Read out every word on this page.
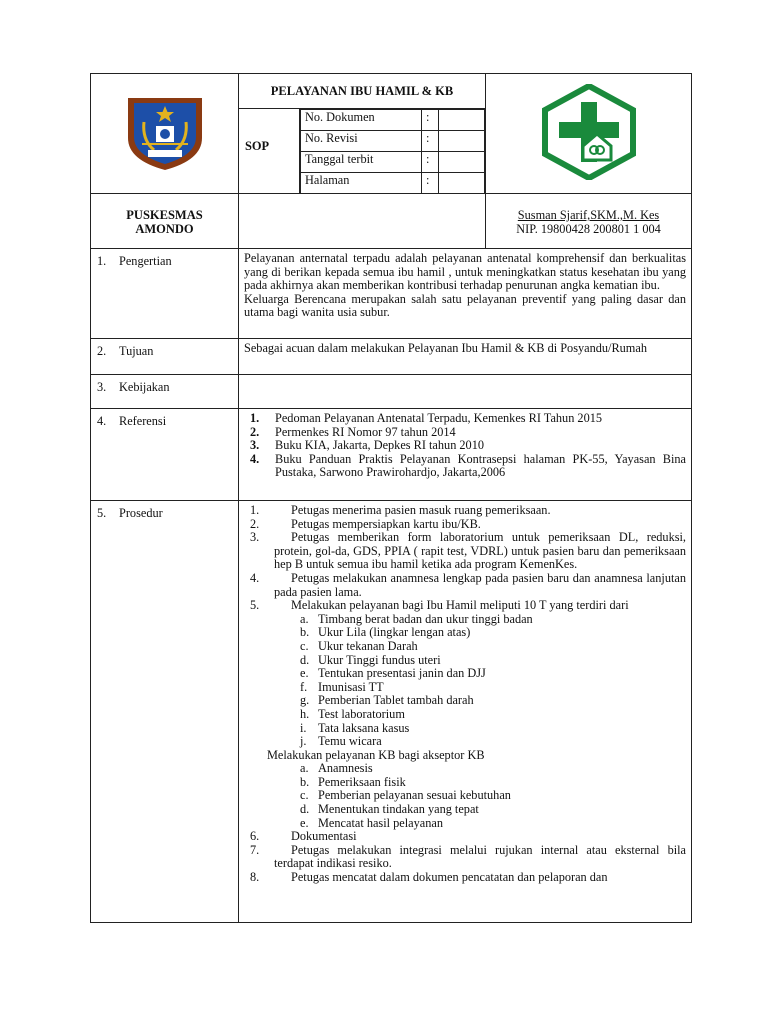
	PELAYANAN IBU HAMIL & KB	
SOP	
No. Dokumen	:	
No. Revisi	:	
Tanggal terbit	:	
Halaman	:	

PUSKESMAS
AMONDO

Susman Sjarif,SKM.,M. Kes
NIP. 19800428 200801 1 004

1. Pengertian	Pelayanan anternatal terpadu adalah pelayanan antenatal komprehensif dan berkualitas yang di berikan kepada semua ibu hamil , untuk meningkatkan status kesehatan ibu yang pada akhirnya akan memberikan kontribusi terhadap penurunan angka kematian ibu.
Keluarga Berencana merupakan salah satu pelayanan preventif yang paling dasar dan utama bagi wanita usia subur.

2. Tujuan	Sebagai acuan dalam melakukan Pelayanan Ibu Hamil & KB di Posyandu/Rumah
3. Kebijakan	
4. Referensi	1. Pedoman Pelayanan Antenatal Terpadu, Kemenkes RI Tahun 2015
2. Permenkes RI Nomor 97 tahun 2014
3. Buku KIA, Jakarta, Depkes RI tahun 2010
4. Buku Panduan Praktis Pelayanan Kontrasepsi halaman PK-55, Yayasan Bina Pustaka, Sarwono Prawirohardjo, Jakarta,2006

5. Prosedur	1.	Petugas menerima pasien masuk ruang pemeriksaan.
2.	Petugas mempersiapkan kartu ibu/KB.
3.	Petugas memberikan form laboratorium untuk pemeriksaan DL, reduksi, protein, gol-da, GDS, PPIA ( rapit test, VDRL) untuk pasien baru dan pemeriksaan hep B untuk semua ibu hamil ketika ada program KemenKes.
4.	Petugas melakukan anamnesa lengkap pada pasien baru dan anamnesa lanjutan pada pasien lama.
5.	Melakukan pelayanan bagi Ibu Hamil meliputi 10 T yang terdiri dari
a. Timbang berat badan dan ukur tinggi badan
b. Ukur Lila (lingkar lengan atas)
c. Ukur tekanan Darah
d. Ukur Tinggi fundus uteri
e. Tentukan presentasi janin dan DJJ
f. Imunisasi TT
g. Pemberian Tablet tambah darah
h. Test laboratorium
i. Tata laksana kasus
j. Temu wicara
Melakukan pelayanan KB bagi akseptor KB
a. Anamnesis
b. Pemeriksaan fisik
c. Pemberian pelayanan sesuai kebutuhan
d. Menentukan tindakan yang tepat
e. Mencatat hasil pelayanan
6.	Dokumentasi
7.	Petugas melakukan integrasi melalui rujukan internal atau eksternal bila terdapat indikasi resiko.
8.	Petugas mencatat dalam dokumen pencatatan dan pelaporan dan
